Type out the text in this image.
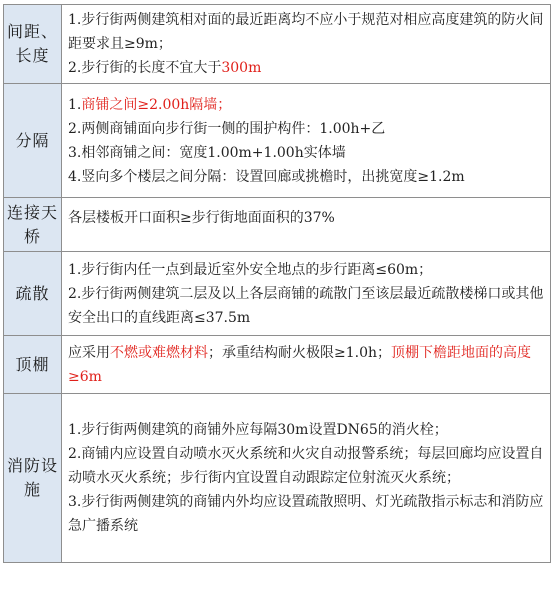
间距、长度	1.步行街两侧建筑相对面的最近距离均不应小于规范对相应高度建筑的防火间距要求且≥9m；
2.步行街的长度不宜大于300m

分隔	1.商铺之间≥2.00h隔墙；
2.两侧商铺面向步行街一侧的围护构件：1.00h+乙
3.相邻商铺之间：宽度1.00m+1.00h实体墙
4.竖向多个楼层之间分隔：设置回廊或挑檐时，出挑宽度≥1.2m

连接天桥	各层楼板开口面积≥步行街地面面积的37%

疏散	1.步行街内任一点到最近室外安全地点的步行距离≤60m；
2.步行街两侧建筑二层及以上各层商铺的疏散门至该层最近疏散楼梯口或其他安全出口的直线距离≤37.5m

顶棚	应采用不燃或难燃材料；承重结构耐火极限≥1.0h；顶棚下檐距地面的高度≥6m

消防设施	1.步行街两侧建筑的商铺外应每隔30m设置DN65的消火栓；
2.商铺内应设置自动喷水灭火系统和火灾自动报警系统；每层回廊均应设置自动喷水灭火系统；步行街内宜设置自动跟踪定位射流灭火系统；
3.步行街两侧建筑的商铺内外均应设置疏散照明、灯光疏散指示标志和消防应急广播系统
